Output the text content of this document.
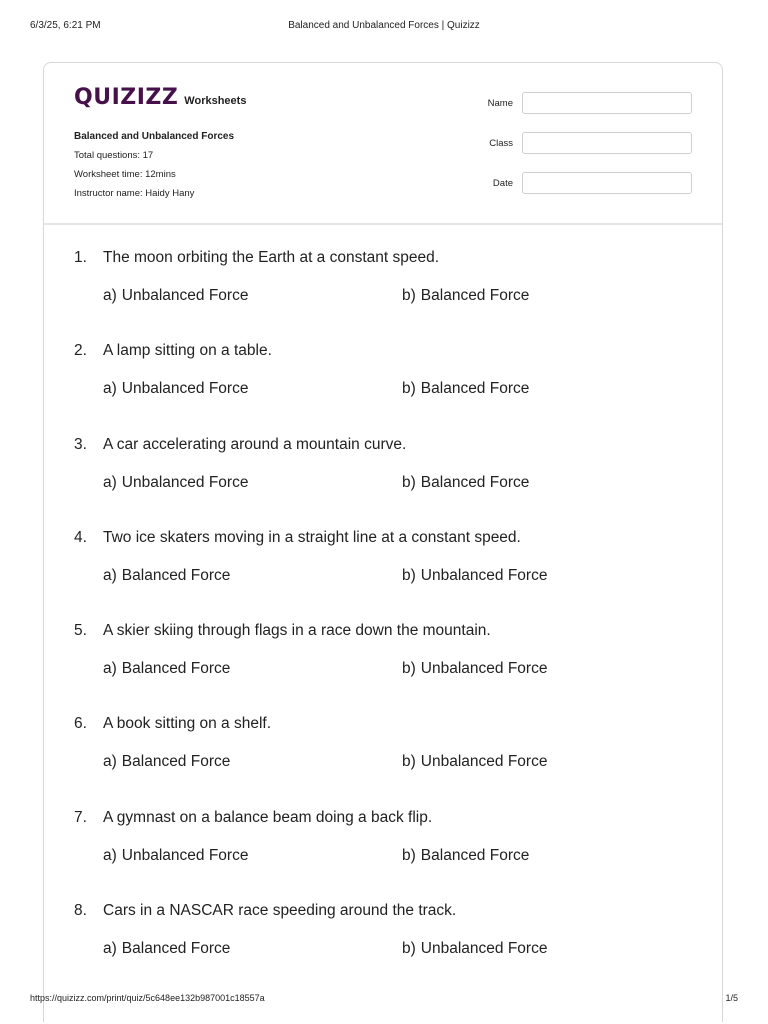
6/3/25, 6:21 PM	Balanced and Unbalanced Forces | Quizizz
QUIZIZZ Worksheets
Balanced and Unbalanced Forces
Total questions: 17
Worksheet time: 12mins
Instructor name: Haidy Hany
Name
Class
Date
1.	The moon orbiting the Earth at a constant speed.
a) Unbalanced Force	b) Balanced Force
2.	A lamp sitting on a table.
a) Unbalanced Force	b) Balanced Force
3.	A car accelerating around a mountain curve.
a) Unbalanced Force	b) Balanced Force
4.	Two ice skaters moving in a straight line at a constant speed.
a) Balanced Force	b) Unbalanced Force
5.	A skier skiing through flags in a race down the mountain.
a) Balanced Force	b) Unbalanced Force
6.	A book sitting on a shelf.
a) Balanced Force	b) Unbalanced Force
7.	A gymnast on a balance beam doing a back flip.
a) Unbalanced Force	b) Balanced Force
8.	Cars in a NASCAR race speeding around the track.
a) Balanced Force	b) Unbalanced Force
https://quizizz.com/print/quiz/5c648ee132b987001c18557a	1/5
